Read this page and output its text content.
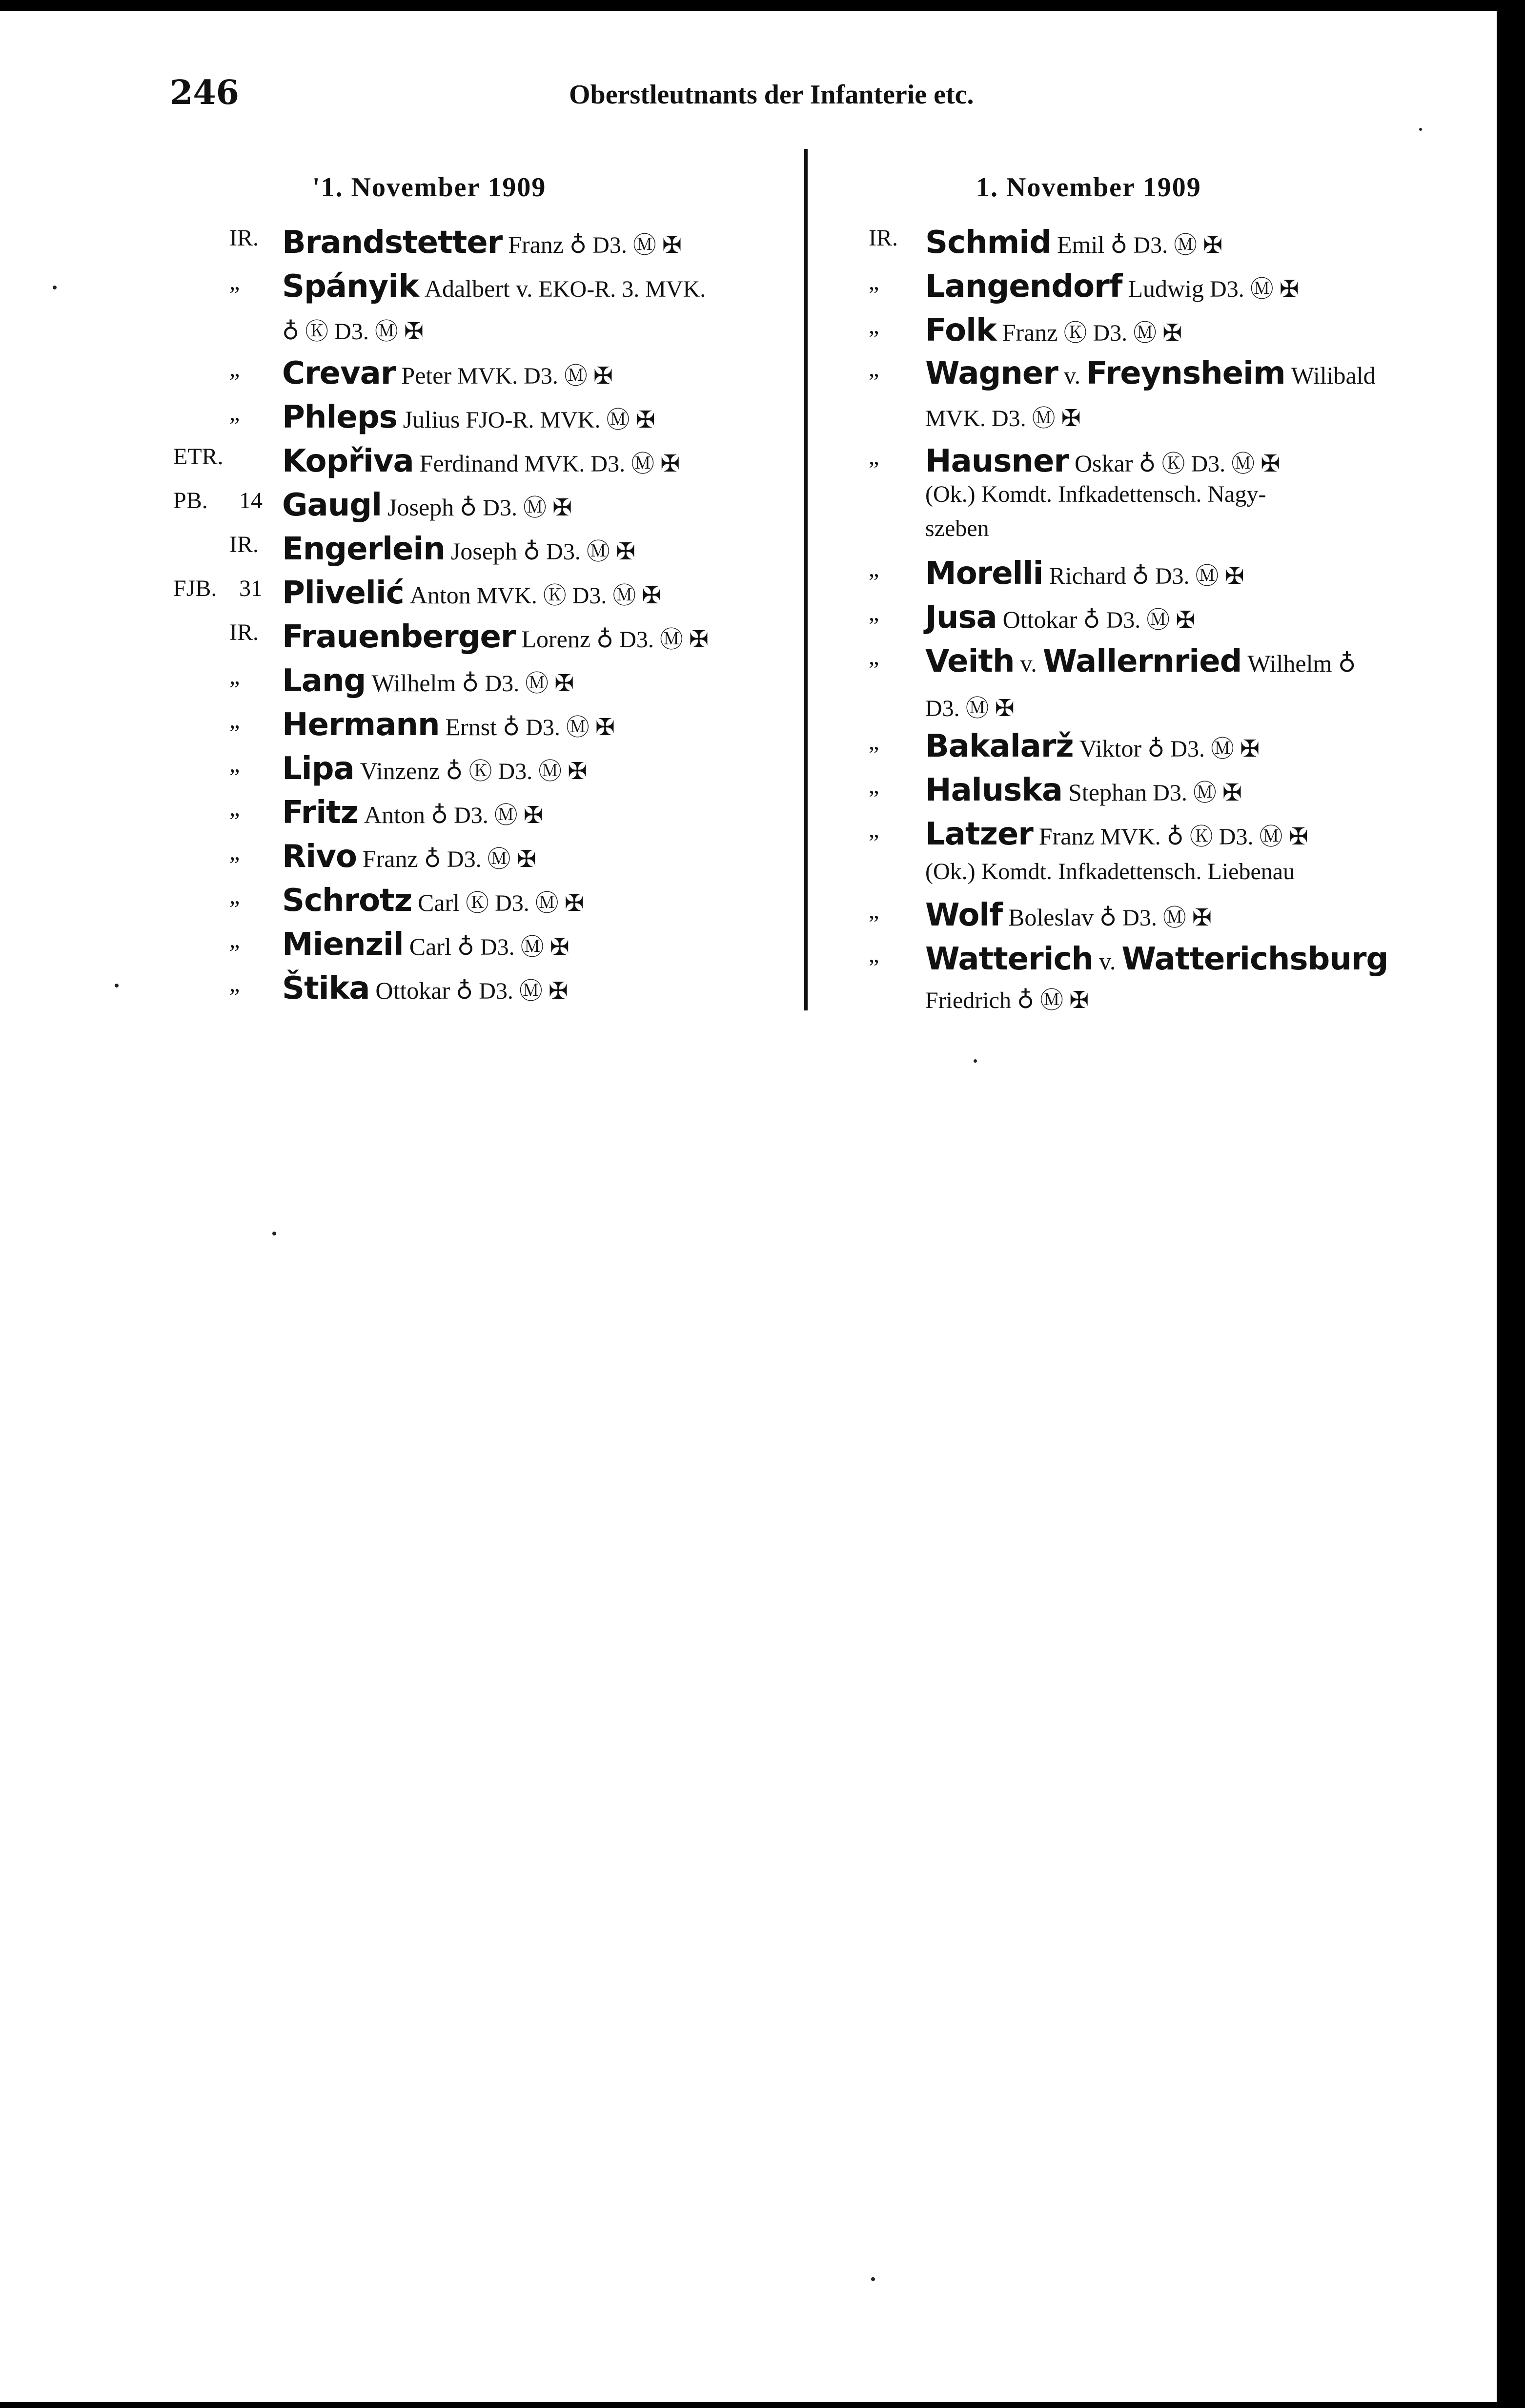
246	Oberstleutnants der Infanterie etc.
'1. November 1909	1. November 1909
IR. Brandstetter Franz ♁ D3. Ⓜ ✠
„ Spányik Adalbert v. EKO-R. 3. MVK.
♁ Ⓚ D3. Ⓜ ✠
„ Crevar Peter MVK. D3. Ⓜ ✠
„ Phleps Julius FJO-R. MVK. Ⓜ ✠
ETR. Kopřiva Ferdinand MVK. D3. Ⓜ ✠
PB. 14 Gaugl Joseph ♁ D3. Ⓜ ✠
IR. Engerlein Joseph ♁ D3. Ⓜ ✠
FJB. 31 Plivelić Anton MVK. Ⓚ D3. Ⓜ ✠
IR. Frauenberger Lorenz ♁ D3. Ⓜ ✠
„ Lang Wilhelm ♁ D3. Ⓜ ✠
„ Hermann Ernst ♁ D3. Ⓜ ✠
„ Lipa Vinzenz ♁ Ⓚ D3. Ⓜ ✠
„ Fritz Anton ♁ D3. Ⓜ ✠
„ Rivo Franz ♁ D3. Ⓜ ✠
„ Schrotz Carl Ⓚ D3. Ⓜ ✠
„ Mienzil Carl ♁ D3. Ⓜ ✠
„ Štika Ottokar ♁ D3. Ⓜ ✠
IR. Schmid Emil ♁ D3. Ⓜ ✠
„ Langendorf Ludwig D3. Ⓜ ✠
„ Folk Franz Ⓚ D3. Ⓜ ✠
„ Wagner v. Freynsheim Wilibald
MVK. D3. Ⓜ ✠
„ Hausner Oskar ♁ Ⓚ D3. Ⓜ ✠
(Ok.) Komdt. Infkadettensch. Nagy-
szeben
„ Morelli Richard ♁ D3. Ⓜ ✠
„ Jusa Ottokar ♁ D3. Ⓜ ✠
„ Veith v. Wallernried Wilhelm ♁
D3. Ⓜ ✠
„ Bakalarž Viktor ♁ D3. Ⓜ ✠
„ Haluska Stephan D3. Ⓜ ✠
„ Latzer Franz MVK. ♁ Ⓚ D3. Ⓜ ✠
(Ok.) Komdt. Infkadettensch. Liebenau
„ Wolf Boleslav ♁ D3. Ⓜ ✠
„ Watterich v. Watterichsburg
Friedrich ♁ Ⓜ ✠
